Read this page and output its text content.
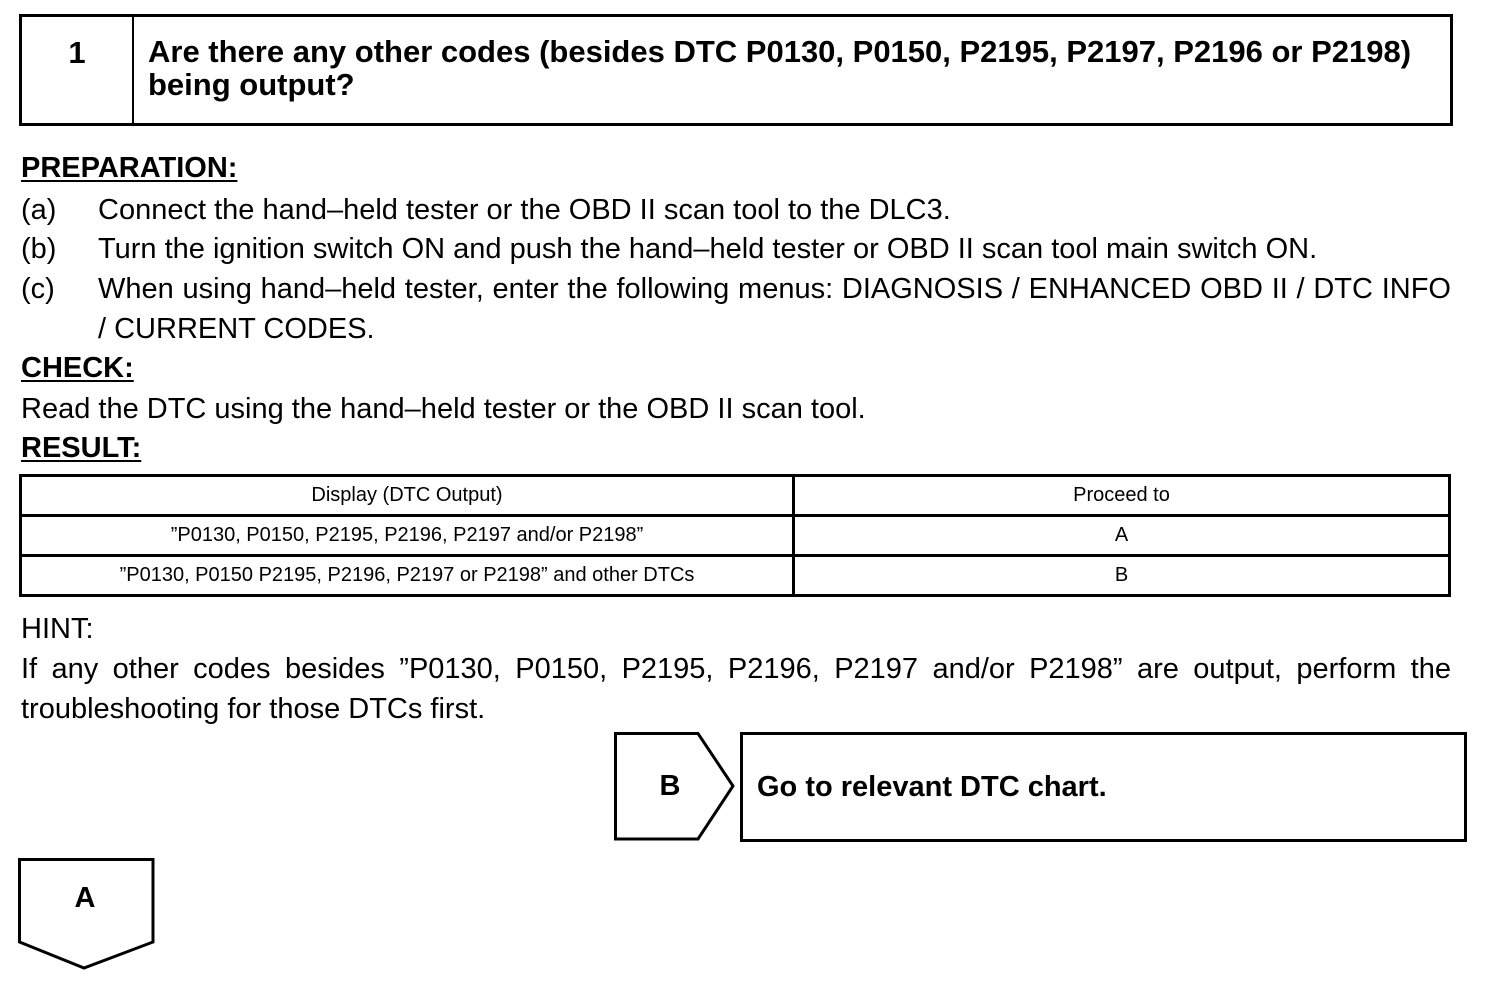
1	Are there any other codes (besides DTC P0130, P0150, P2195, P2197, P2196 or P2198) being output?
PREPARATION:
(a) Connect the hand–held tester or the OBD II scan tool to the DLC3.
(b) Turn the ignition switch ON and push the hand–held tester or OBD II scan tool main switch ON.
(c) When using hand–held tester, enter the following menus: DIAGNOSIS / ENHANCED OBD II / DTC INFO / CURRENT CODES.
CHECK:
Read the DTC using the hand–held tester or the OBD II scan tool.
RESULT:
Display (DTC Output)	Proceed to
”P0130, P0150, P2195, P2196, P2197 and/or P2198”	A
”P0130, P0150 P2195, P2196, P2197 or P2198” and other DTCs	B
HINT:
If any other codes besides ”P0130, P0150, P2195, P2196, P2197 and/or P2198” are output, perform the troubleshooting for those DTCs first.
B	Go to relevant DTC chart.
A
